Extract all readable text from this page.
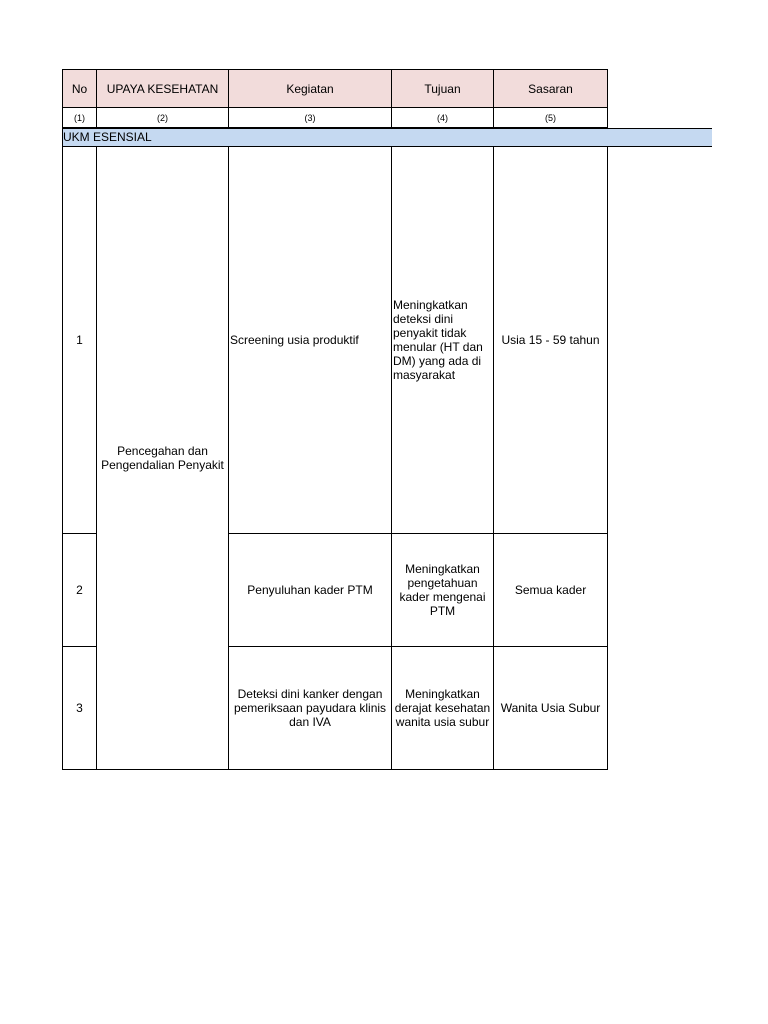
No	UPAYA KESEHATAN	Kegiatan	Tujuan	Sasaran
(1)	(2)	(3)	(4)	(5)

1	Pencegahan dan Pengendalian Penyakit	Screening usia produktif	Meningkatkan deteksi dini penyakit tidak menular (HT dan DM) yang ada di masyarakat	Usia 15 - 59 tahun
2		Penyuluhan kader PTM	Meningkatkan pengetahuan kader mengenai PTM	Semua kader
3		Deteksi dini kanker dengan pemeriksaan payudara klinis dan IVA	Meningkatkan derajat kesehatan wanita usia subur	Wanita Usia Subur
UKM ESENSIAL
